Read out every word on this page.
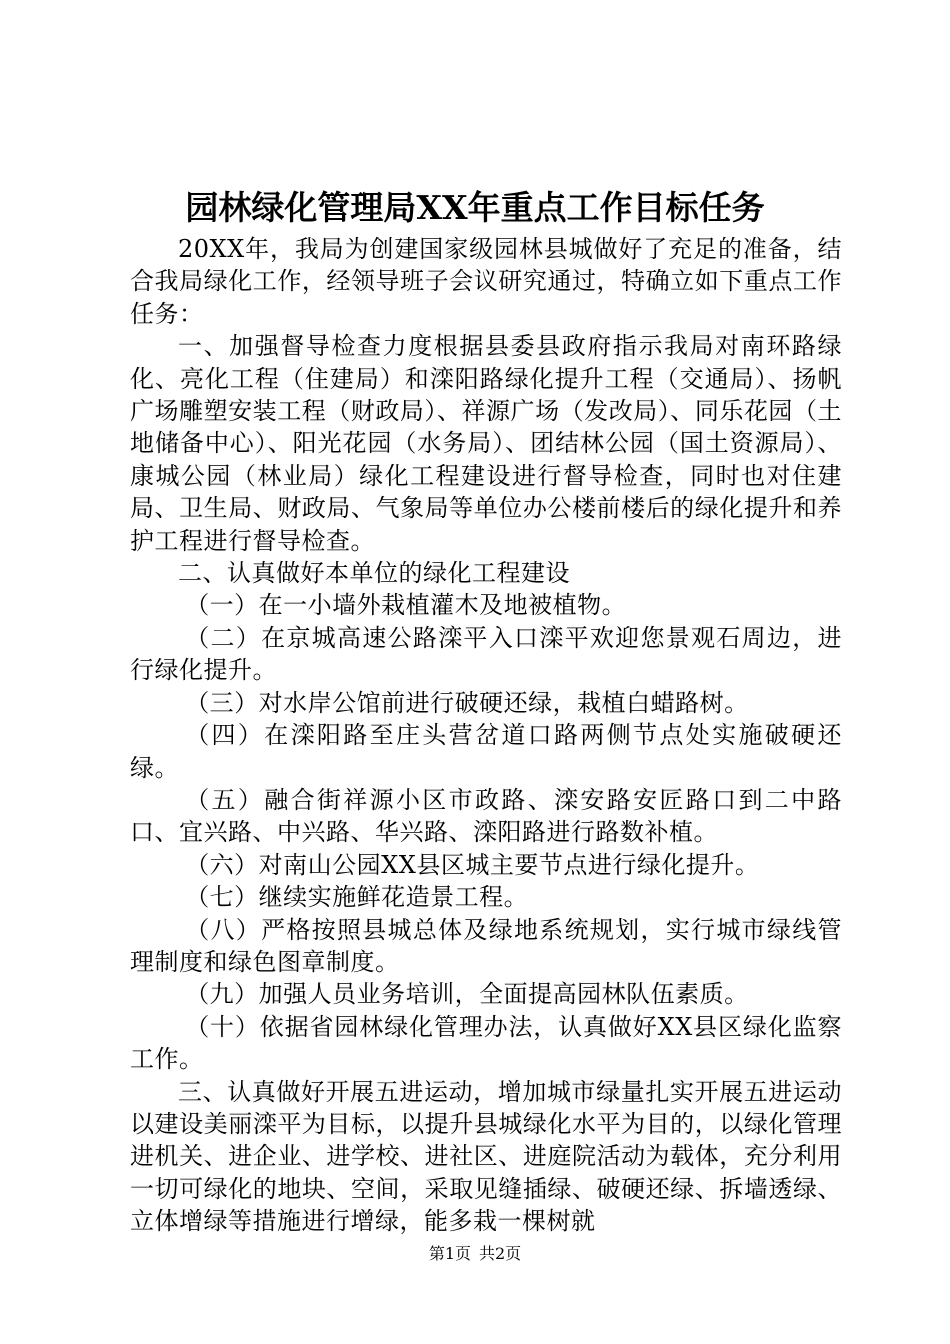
园林绿化管理局XX年重点工作目标任务

20XX年，我局为创建国家级园林县城做好了充足的准备，结合我局绿化工作，经领导班子会议研究通过，特确立如下重点工作任务：

一、加强督导检查力度根据县委县政府指示我局对南环路绿化、亮化工程（住建局）和滦阳路绿化提升工程（交通局）、扬帆广场雕塑安装工程（财政局）、祥源广场（发改局）、同乐花园（土地储备中心）、阳光花园（水务局）、团结林公园（国土资源局）、康城公园（林业局）绿化工程建设进行督导检查，同时也对住建局、卫生局、财政局、气象局等单位办公楼前楼后的绿化提升和养护工程进行督导检查。

二、认真做好本单位的绿化工程建设

（一）在一小墙外栽植灌木及地被植物。

（二）在京城高速公路滦平入口滦平欢迎您景观石周边，进行绿化提升。

（三）对水岸公馆前进行破硬还绿，栽植白蜡路树。

（四）在滦阳路至庄头营岔道口路两侧节点处实施破硬还绿。

（五）融合街祥源小区市政路、滦安路安匠路口到二中路口、宜兴路、中兴路、华兴路、滦阳路进行路数补植。

（六）对南山公园XX县区城主要节点进行绿化提升。

（七）继续实施鲜花造景工程。

（八）严格按照县城总体及绿地系统规划，实行城市绿线管理制度和绿色图章制度。

（九）加强人员业务培训，全面提高园林队伍素质。

（十）依据省园林绿化管理办法，认真做好XX县区绿化监察工作。

三、认真做好开展五进运动，增加城市绿量扎实开展五进运动以建设美丽滦平为目标，以提升县城绿化水平为目的，以绿化管理进机关、进企业、进学校、进社区、进庭院活动为载体，充分利用一切可绿化的地块、空间，采取见缝插绿、破硬还绿、拆墙透绿、立体增绿等措施进行增绿，能多栽一棵树就

第1页 共2页
